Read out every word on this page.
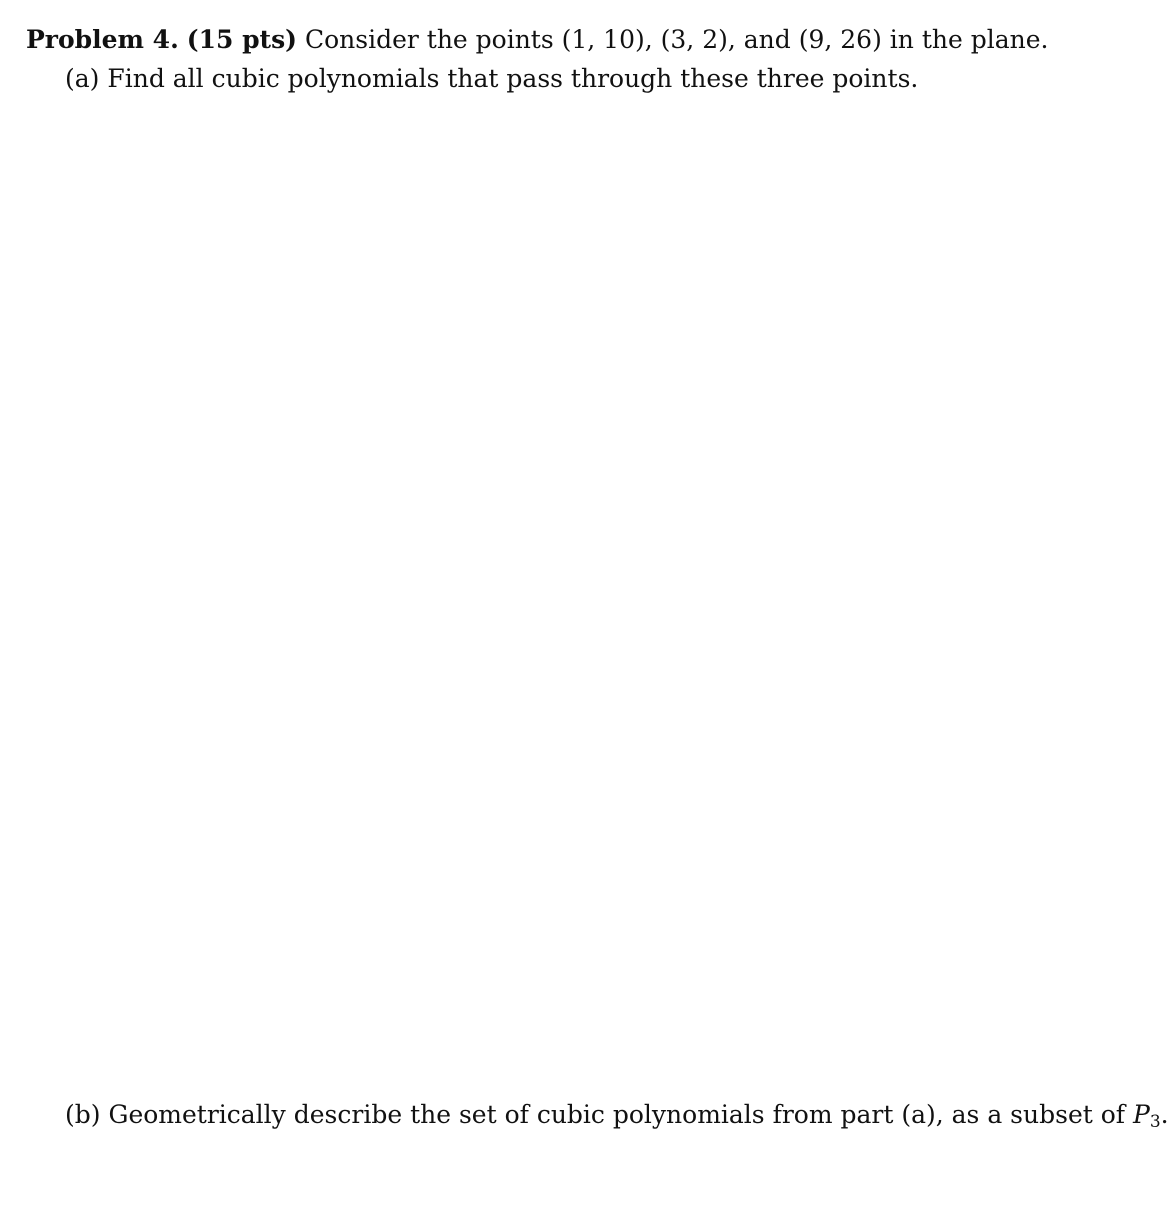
Problem 4. (15 pts) Consider the points (1, 10), (3, 2), and (9, 26) in the plane.
(a) Find all cubic polynomials that pass through these three points.
(b) Geometrically describe the set of cubic polynomials from part (a), as a subset of $P_3$.
